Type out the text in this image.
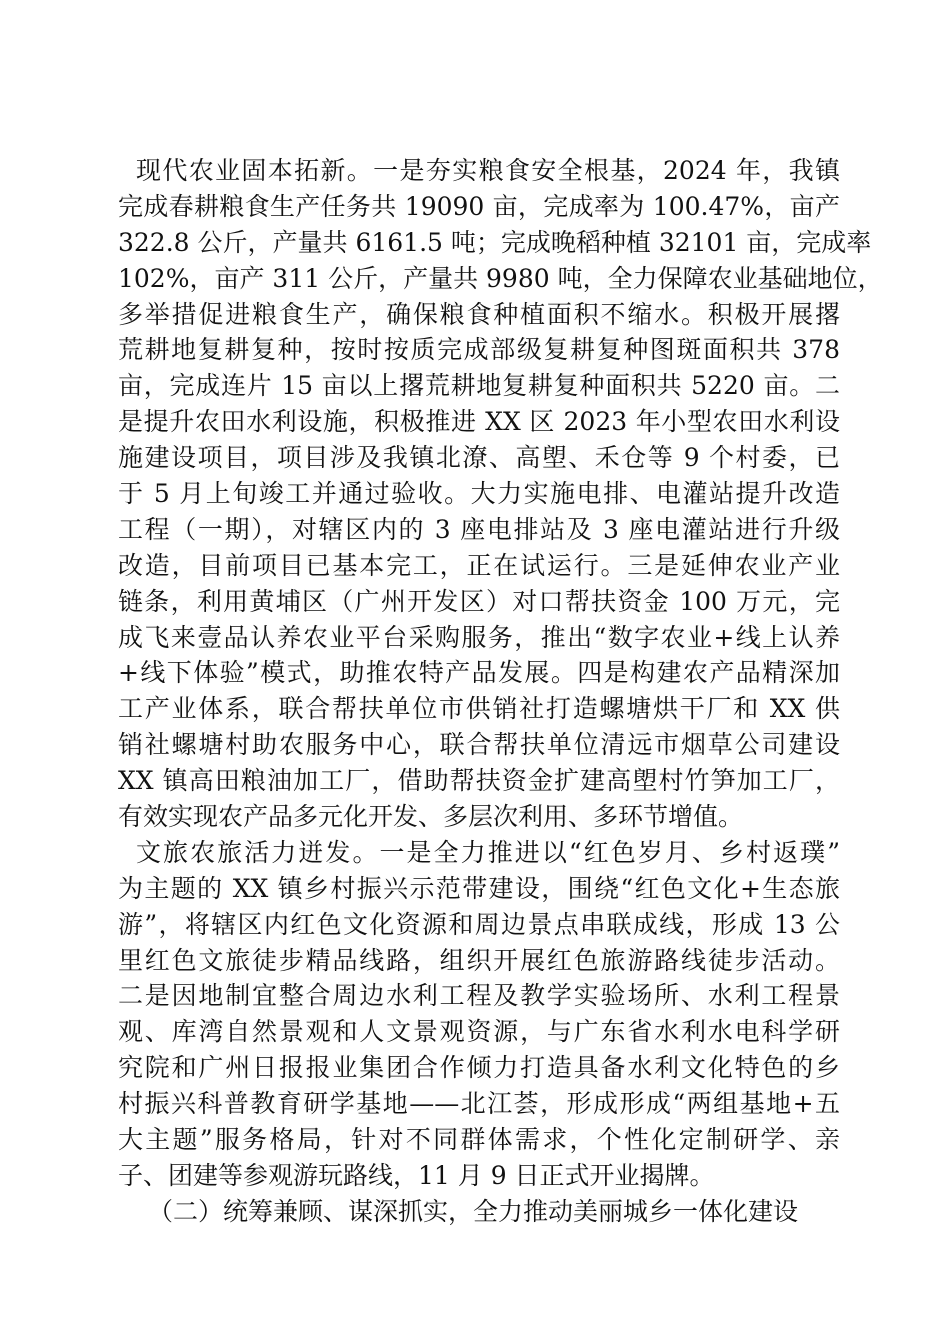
现代农业固本拓新。一是夯实粮食安全根基，2024 年，我镇
完成春耕粮食生产任务共 19090 亩，完成率为 100.47%，亩产
322.8 公斤，产量共 6161.5 吨；完成晚稻种植 32101 亩，完成率
102%，亩产 311 公斤，产量共 9980 吨，全力保障农业基础地位，
多举措促进粮食生产，确保粮食种植面积不缩水。积极开展撂
荒耕地复耕复种，按时按质完成部级复耕复种图斑面积共 378
亩，完成连片 15 亩以上撂荒耕地复耕复种面积共 5220 亩。二
是提升农田水利设施，积极推进 XX 区 2023 年小型农田水利设
施建设项目，项目涉及我镇北潦、高塱、禾仓等 9 个村委，已
于 5 月上旬竣工并通过验收。大力实施电排、电灌站提升改造
工程（一期），对辖区内的 3 座电排站及 3 座电灌站进行升级
改造，目前项目已基本完工，正在试运行。三是延伸农业产业
链条，利用黄埔区（广州开发区）对口帮扶资金 100 万元，完
成飞来壹品认养农业平台采购服务，推出“数字农业+线上认养
+线下体验”模式，助推农特产品发展。四是构建农产品精深加
工产业体系，联合帮扶单位市供销社打造螺塘烘干厂和 XX 供
销社螺塘村助农服务中心，联合帮扶单位清远市烟草公司建设
XX 镇高田粮油加工厂，借助帮扶资金扩建高塱村竹笋加工厂，
有效实现农产品多元化开发、多层次利用、多环节增值。
文旅农旅活力迸发。一是全力推进以“红色岁月、乡村返璞”
为主题的 XX 镇乡村振兴示范带建设，围绕“红色文化+生态旅
游”，将辖区内红色文化资源和周边景点串联成线，形成 13 公
里红色文旅徒步精品线路，组织开展红色旅游路线徒步活动。
二是因地制宜整合周边水利工程及教学实验场所、水利工程景
观、库湾自然景观和人文景观资源，与广东省水利水电科学研
究院和广州日报报业集团合作倾力打造具备水利文化特色的乡
村振兴科普教育研学基地——北江荟，形成形成“两组基地+五
大主题”服务格局，针对不同群体需求，个性化定制研学、亲
子、团建等参观游玩路线，11 月 9 日正式开业揭牌。
（二）统筹兼顾、谋深抓实，全力推动美丽城乡一体化建设
